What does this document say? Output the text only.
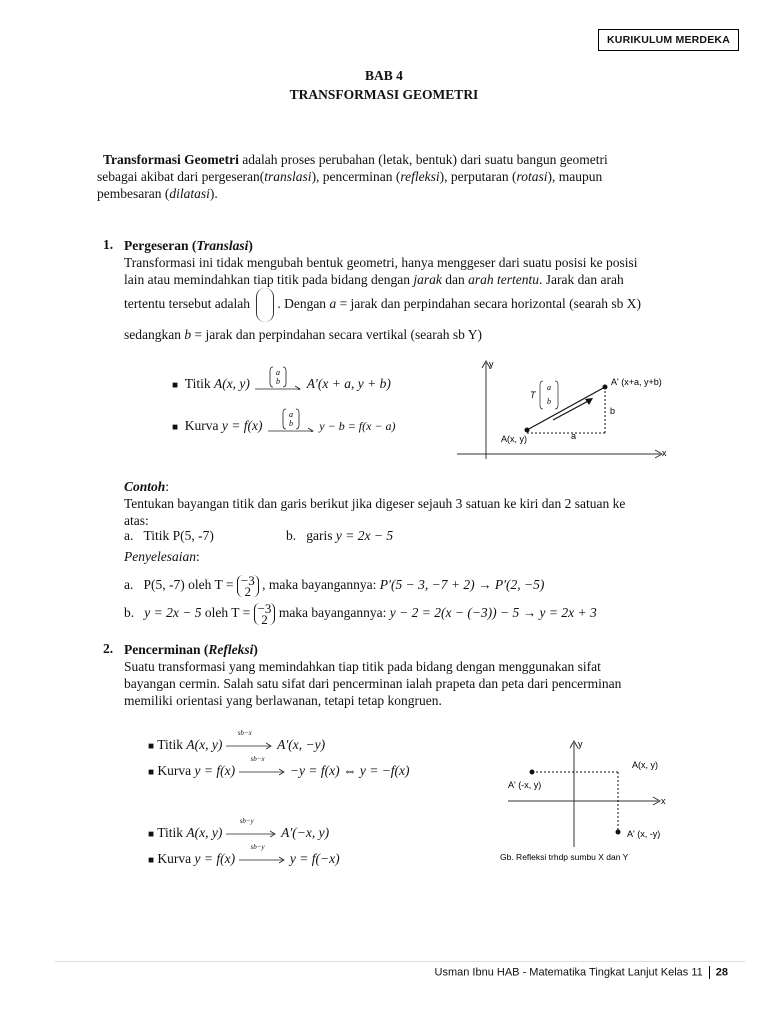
KURIKULUM MERDEKA
BAB 4
TRANSFORMASI GEOMETRI
Transformasi Geometri adalah proses perubahan (letak, bentuk) dari suatu bangun geometri
sebagai akibat dari pergeseran(translasi), pencerminan (refleksi), perputaran (rotasi), maupun
pembesaran (dilatasi).
1. Pergeseran (Translasi)
Transformasi ini tidak mengubah bentuk geometri, hanya menggeser dari suatu posisi ke posisi
lain atau memindahkan tiap titik pada bidang dengan jarak dan arah tertentu. Jarak dan arah
tertentu tersebut adalah . Dengan a = jarak dan perpindahan secara horizontal (searah sb X)
sedangkan b = jarak dan perpindahan secara vertikal (searah sb Y)
■ Titik A(x, y)
a
b A′(x + a, y + b)
■ Kurva y = f(x)
a
b y − b = f(x − a)
y
x
A(x, y)
A' (x+a, y+b)
T
a
b
a
b
Contoh:
Tentukan bayangan titik dan garis berikut jika digeser sejauh 3 satuan ke kiri dan 2 satuan ke
atas:
a. Titik P(5, -7)	b. garis y = 2x − 5
Penyelesaian:
a. P(5, -7) oleh T = −3
2 , maka bayangannya: P′(5 − 3, −7 + 2) → P′(2, −5)
b. y = 2x − 5 oleh T = −3
2 maka bayangannya: y − 2 = 2(x − (−3)) − 5 → y = 2x + 3
2. Pencerminan (Refleksi)
Suatu transformasi yang memindahkan tiap titik pada bidang dengan menggunakan sifat
bayangan cermin. Salah satu sifat dari pencerminan ialah prapeta dan peta dari pencerminan
memiliki orientasi yang berlawanan, tetapi tetap kongruen.
■ Titik A(x, y)
sb−x
A′(x, −y)
■ Kurva y = f(x)
sb−x
−y = f(x) ⇔ y = −f(x)
■ Titik A(x, y)
sb−y
A′(−x, y)
■ Kurva y = f(x)
sb−y
y = f(−x)
y
x
A(x, y)
A' (-x, y)
A' (x, -y)
Gb. Refleksi trhdp sumbu X dan Y
Usman Ibnu HAB - Matematika Tingkat Lanjut Kelas 11 28
